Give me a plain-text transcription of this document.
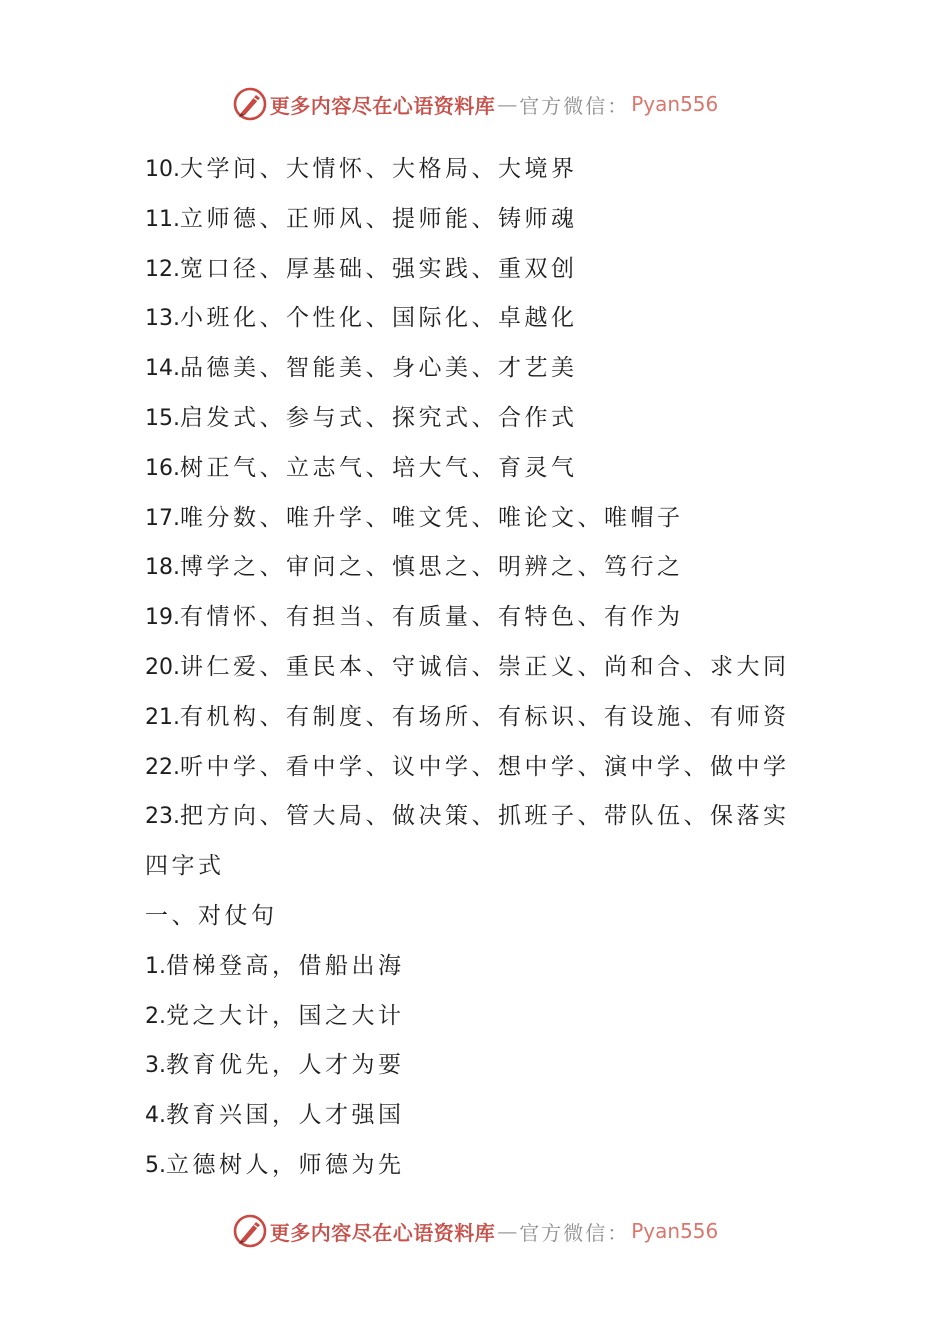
更多内容尽在心语资料库 — 官方微信： Pyan556
10.大学问、大情怀、大格局、大境界
11.立师德、正师风、提师能、铸师魂
12.宽口径、厚基础、强实践、重双创
13.小班化、个性化、国际化、卓越化
14.品德美、智能美、身心美、才艺美
15.启发式、参与式、探究式、合作式
16.树正气、立志气、培大气、育灵气
17.唯分数、唯升学、唯文凭、唯论文、唯帽子
18.博学之、审问之、慎思之、明辨之、笃行之
19.有情怀、有担当、有质量、有特色、有作为
20.讲仁爱、重民本、守诚信、崇正义、尚和合、求大同
21.有机构、有制度、有场所、有标识、有设施、有师资
22.听中学、看中学、议中学、想中学、演中学、做中学
23.把方向、管大局、做决策、抓班子、带队伍、保落实
四字式
一、对仗句
1.借梯登高，借船出海
2.党之大计，国之大计
3.教育优先，人才为要
4.教育兴国，人才强国
5.立德树人，师德为先
更多内容尽在心语资料库 — 官方微信： Pyan556
